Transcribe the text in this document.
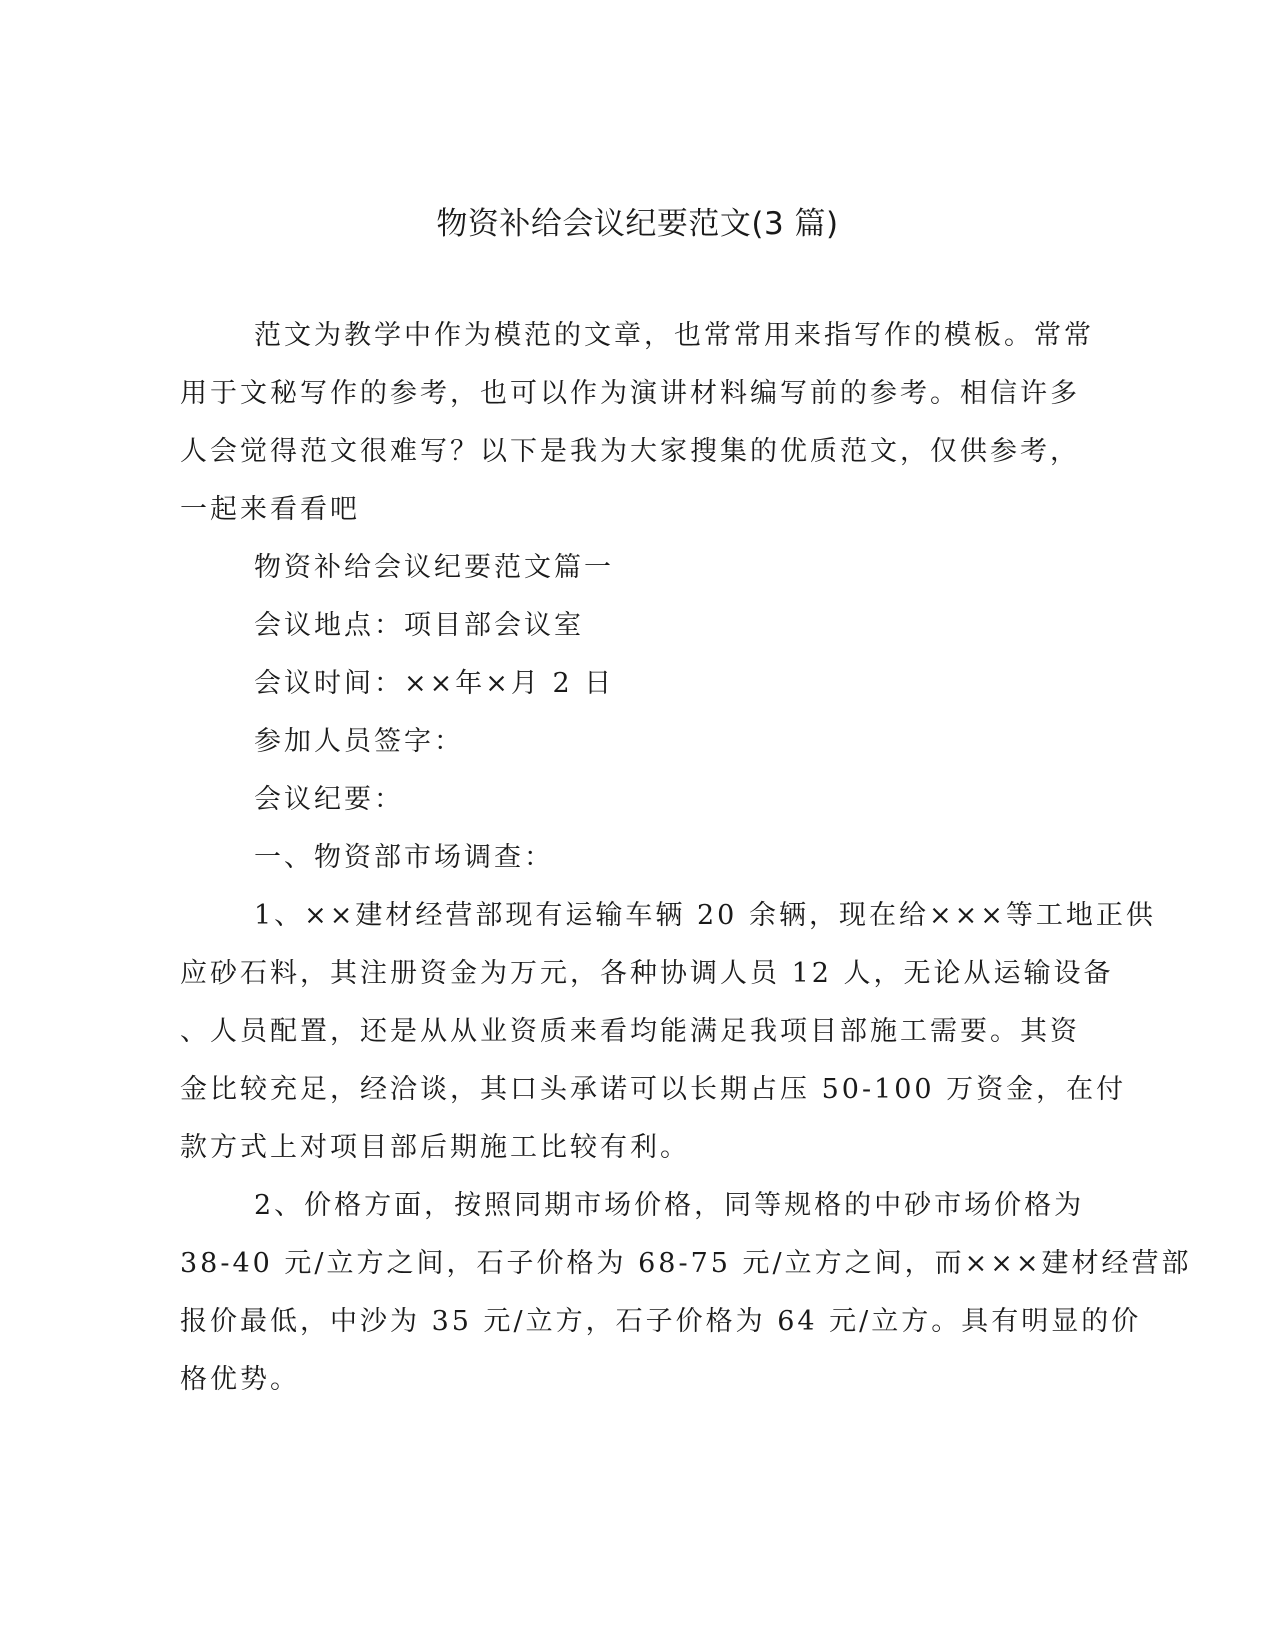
物资补给会议纪要范文(3 篇)
范文为教学中作为模范的文章，也常常用来指写作的模板。常常
用于文秘写作的参考，也可以作为演讲材料编写前的参考。相信许多
人会觉得范文很难写？以下是我为大家搜集的优质范文，仅供参考，
一起来看看吧
物资补给会议纪要范文篇一
会议地点：项目部会议室
会议时间：××年×月 2 日
参加人员签字：
会议纪要：
一、物资部市场调查：
1、××建材经营部现有运输车辆 20 余辆，现在给×××等工地正供
应砂石料，其注册资金为万元，各种协调人员 12 人，无论从运输设备
、人员配置，还是从从业资质来看均能满足我项目部施工需要。其资
金比较充足，经洽谈，其口头承诺可以长期占压 50-100 万资金，在付
款方式上对项目部后期施工比较有利。
2、价格方面，按照同期市场价格，同等规格的中砂市场价格为
38-40 元/立方之间，石子价格为 68-75 元/立方之间，而×××建材经营部
报价最低，中沙为 35 元/立方，石子价格为 64 元/立方。具有明显的价
格优势。
